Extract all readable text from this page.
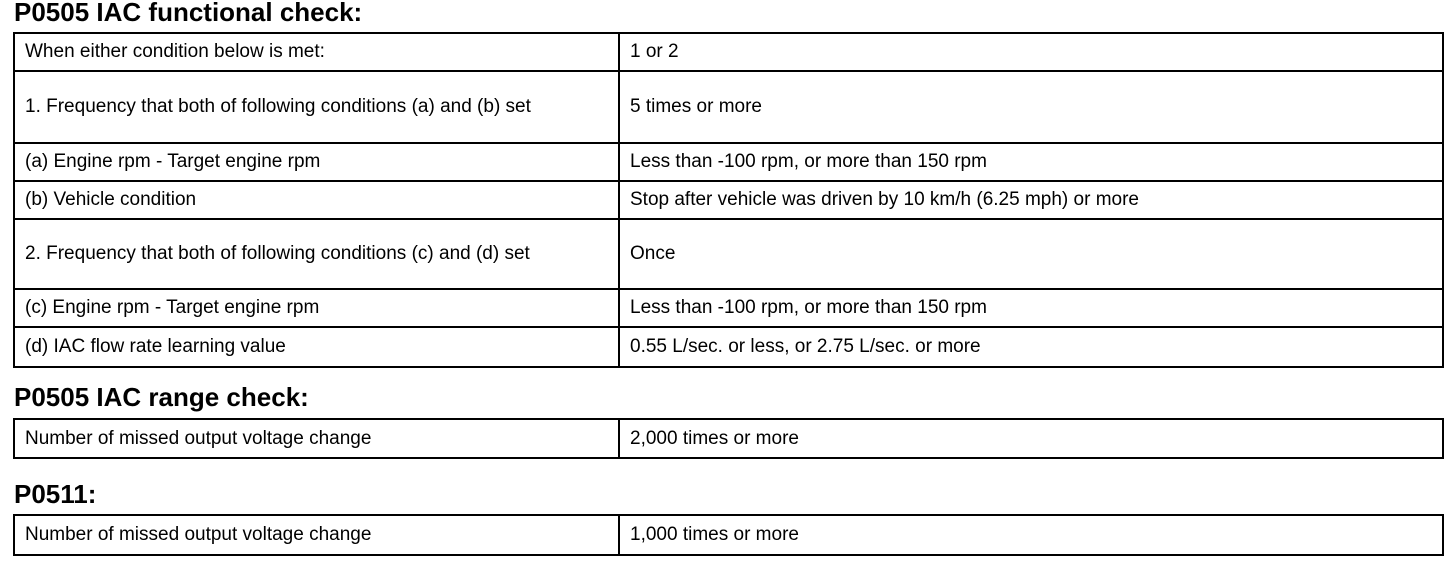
P0505 IAC functional check:
When either condition below is met:	1 or 2
1. Frequency that both of following conditions (a) and (b) set	5 times or more
(a) Engine rpm - Target engine rpm	Less than -100 rpm, or more than 150 rpm
(b) Vehicle condition	Stop after vehicle was driven by 10 km/h (6.25 mph) or more
2. Frequency that both of following conditions (c) and (d) set	Once
(c) Engine rpm - Target engine rpm	Less than -100 rpm, or more than 150 rpm
(d) IAC flow rate learning value	0.55 L/sec. or less, or 2.75 L/sec. or more
P0505 IAC range check:
Number of missed output voltage change	2,000 times or more
P0511:
Number of missed output voltage change	1,000 times or more
